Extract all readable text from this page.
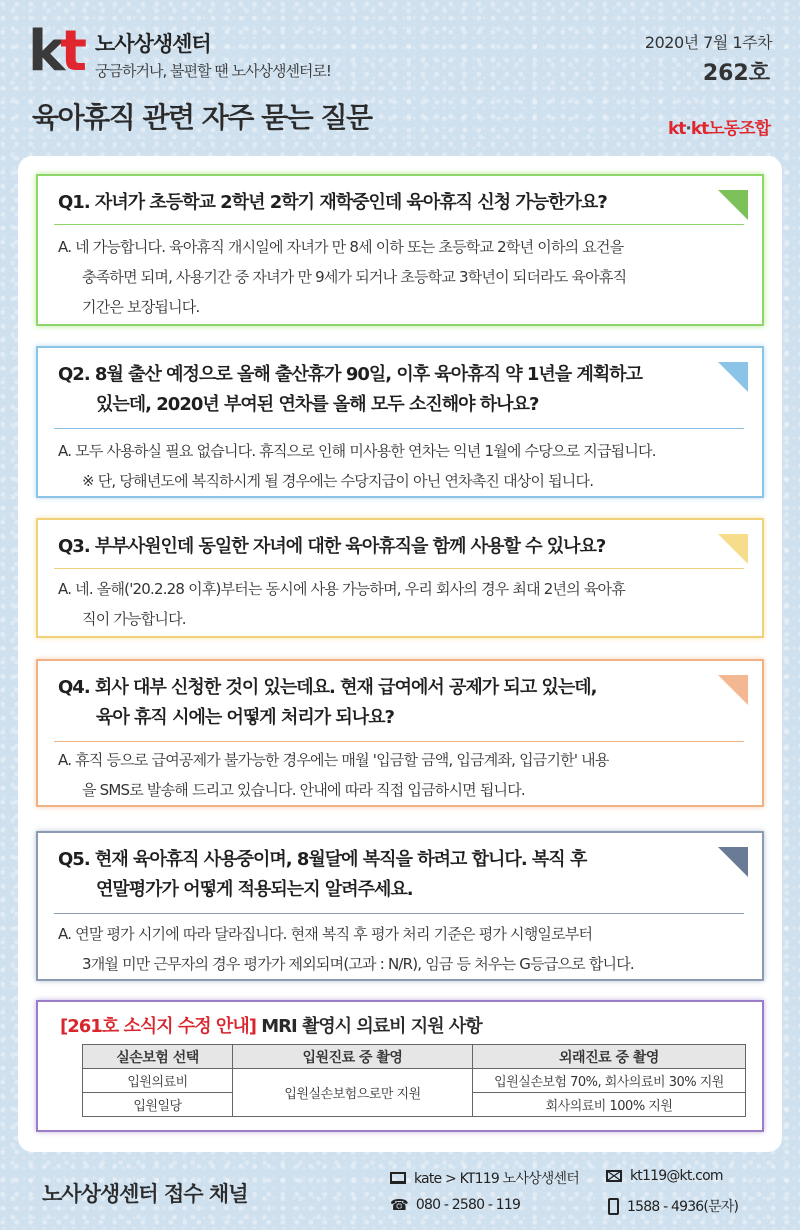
kt 노사상생센터
궁금하거나, 불편할 땐 노사상생센터로!
2020년 7월 1주차
262호
육아휴직 관련 자주 묻는 질문	kt·kt노동조합
Q1. 자녀가 초등학교 2학년 2학기 재학중인데 육아휴직 신청 가능한가요?
A. 네 가능합니다. 육아휴직 개시일에 자녀가 만 8세 이하 또는 초등학교 2학년 이하의 요건을
충족하면 되며, 사용기간 중 자녀가 만 9세가 되거나 초등학교 3학년이 되더라도 육아휴직
기간은 보장됩니다.
Q2. 8월 출산 예정으로 올해 출산휴가 90일, 이후 육아휴직 약 1년을 계획하고
있는데, 2020년 부여된 연차를 올해 모두 소진해야 하나요?
A. 모두 사용하실 필요 없습니다. 휴직으로 인해 미사용한 연차는 익년 1월에 수당으로 지급됩니다.
※ 단, 당해년도에 복직하시게 될 경우에는 수당지급이 아닌 연차촉진 대상이 됩니다.
Q3. 부부사원인데 동일한 자녀에 대한 육아휴직을 함께 사용할 수 있나요?
A. 네. 올해('20.2.28 이후)부터는 동시에 사용 가능하며, 우리 회사의 경우 최대 2년의 육아휴
직이 가능합니다.
Q4. 회사 대부 신청한 것이 있는데요. 현재 급여에서 공제가 되고 있는데,
육아 휴직 시에는 어떻게 처리가 되나요?
A. 휴직 등으로 급여공제가 불가능한 경우에는 매월 '입금할 금액, 입금계좌, 입금기한' 내용
을 SMS로 발송해 드리고 있습니다. 안내에 따라 직접 입금하시면 됩니다.
Q5. 현재 육아휴직 사용중이며, 8월달에 복직을 하려고 합니다. 복직 후
연말평가가 어떻게 적용되는지 알려주세요.
A. 연말 평가 시기에 따라 달라집니다. 현재 복직 후 평가 처리 기준은 평가 시행일로부터
3개월 미만 근무자의 경우 평가가 제외되며(고과 : N/R), 임금 등 처우는 G등급으로 합니다.
[261호 소식지 수정 안내] MRI 촬영시 의료비 지원 사항
실손보험 선택	입원진료 중 촬영	외래진료 중 촬영
입원의료비	입원실손보험으로만 지원	입원실손보험 70%, 회사의료비 30% 지원
입원일당		회사의료비 100% 지원
노사상생센터 접수 채널
kate > KT119 노사상생센터	kt119@kt.com
☎ 080 - 2580 - 119	1588 - 4936(문자)
